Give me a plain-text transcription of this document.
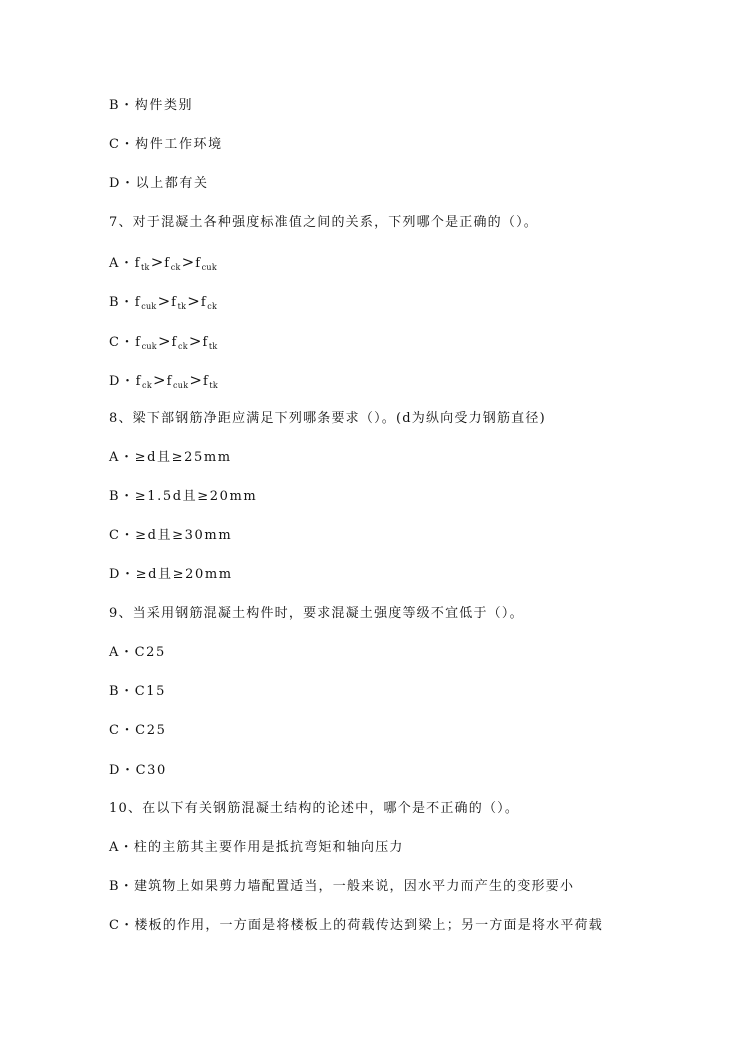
B・构件类别
C・构件工作环境
D・以上都有关
7、对于混凝土各种强度标准值之间的关系，下列哪个是正确的（）。
A・$f_{tk}>f_{ck}>f_{cuk}$
B・$f_{cuk}>f_{tk}>f_{ck}$
C・$f_{cuk}>f_{ck}>f_{tk}$
D・$f_{ck}>f_{cuk}>f_{tk}$
8、梁下部钢筋净距应满足下列哪条要求（）。(d为纵向受力钢筋直径)
A・≥d且≥25mm
B・≥1.5d且≥20mm
C・≥d且≥30mm
D・≥d且≥20mm
9、当采用钢筋混凝土构件时，要求混凝土强度等级不宜低于（）。
A・C25
B・C15
C・C25
D・C30
10、在以下有关钢筋混凝土结构的论述中，哪个是不正确的（）。
A・柱的主筋其主要作用是抵抗弯矩和轴向压力
B・建筑物上如果剪力墙配置适当，一般来说，因水平力而产生的变形要小
C・楼板的作用，一方面是将楼板上的荷载传达到梁上；另一方面是将水平荷载
